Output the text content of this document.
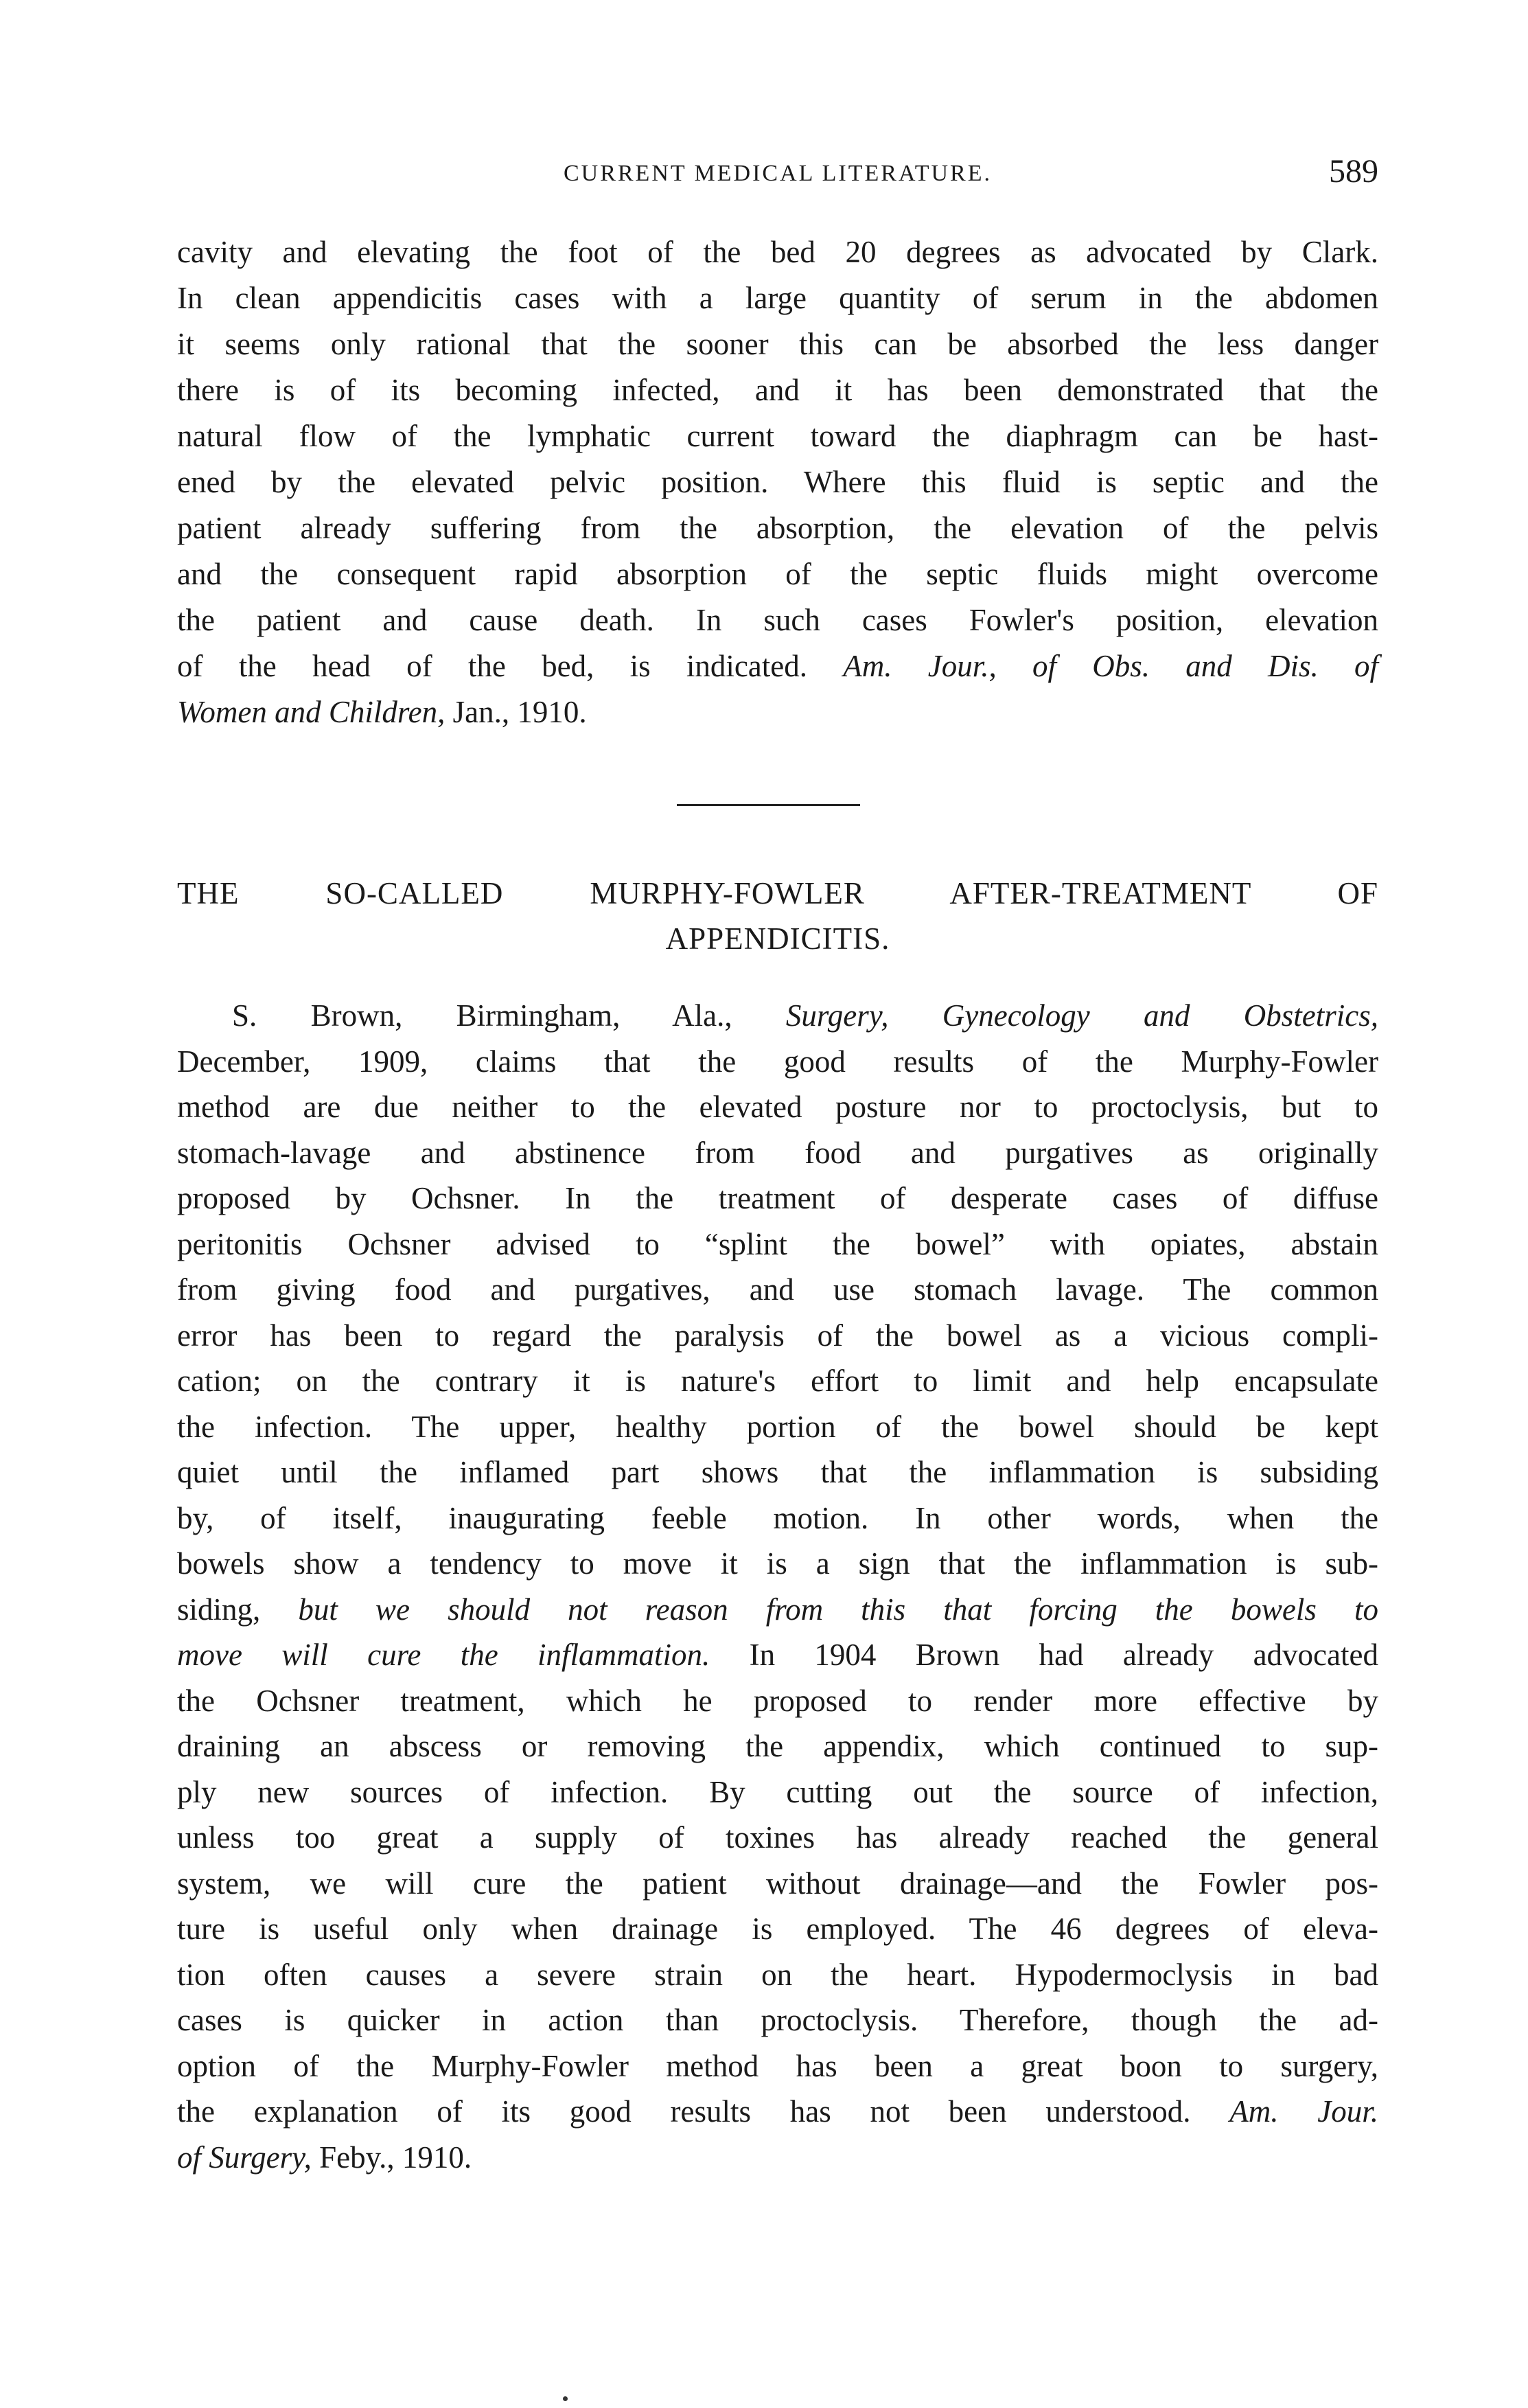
CURRENT MEDICAL LITERATURE.	589
cavity and elevating the foot of the bed 20 degrees as advocated by Clark.
In clean appendicitis cases with a large quantity of serum in the abdomen
it seems only rational that the sooner this can be absorbed the less danger
there is of its becoming infected, and it has been demonstrated that the
natural flow of the lymphatic current toward the diaphragm can be hast-
ened by the elevated pelvic position. Where this fluid is septic and the
patient already suffering from the absorption, the elevation of the pelvis
and the consequent rapid absorption of the septic fluids might overcome
the patient and cause death. In such cases Fowler's position, elevation
of the head of the bed, is indicated. Am. Jour., of Obs. and Dis. of
Women and Children, Jan., 1910.
THE SO-CALLED MURPHY-FOWLER AFTER-TREATMENT OF
APPENDICITIS.
S. Brown, Birmingham, Ala., Surgery, Gynecology and Obstetrics,
December, 1909, claims that the good results of the Murphy-Fowler
method are due neither to the elevated posture nor to proctoclysis, but to
stomach-lavage and abstinence from food and purgatives as originally
proposed by Ochsner. In the treatment of desperate cases of diffuse
peritonitis Ochsner advised to “splint the bowel” with opiates, abstain
from giving food and purgatives, and use stomach lavage. The common
error has been to regard the paralysis of the bowel as a vicious compli-
cation; on the contrary it is nature's effort to limit and help encapsulate
the infection. The upper, healthy portion of the bowel should be kept
quiet until the inflamed part shows that the inflammation is subsiding
by, of itself, inaugurating feeble motion. In other words, when the
bowels show a tendency to move it is a sign that the inflammation is sub-
siding, but we should not reason from this that forcing the bowels to
move will cure the inflammation. In 1904 Brown had already advocated
the Ochsner treatment, which he proposed to render more effective by
draining an abscess or removing the appendix, which continued to sup-
ply new sources of infection. By cutting out the source of infection,
unless too great a supply of toxines has already reached the general
system, we will cure the patient without drainage—and the Fowler pos-
ture is useful only when drainage is employed. The 46 degrees of eleva-
tion often causes a severe strain on the heart. Hypodermoclysis in bad
cases is quicker in action than proctoclysis. Therefore, though the ad-
option of the Murphy-Fowler method has been a great boon to surgery,
the explanation of its good results has not been understood. Am. Jour.
of Surgery, Feby., 1910.
